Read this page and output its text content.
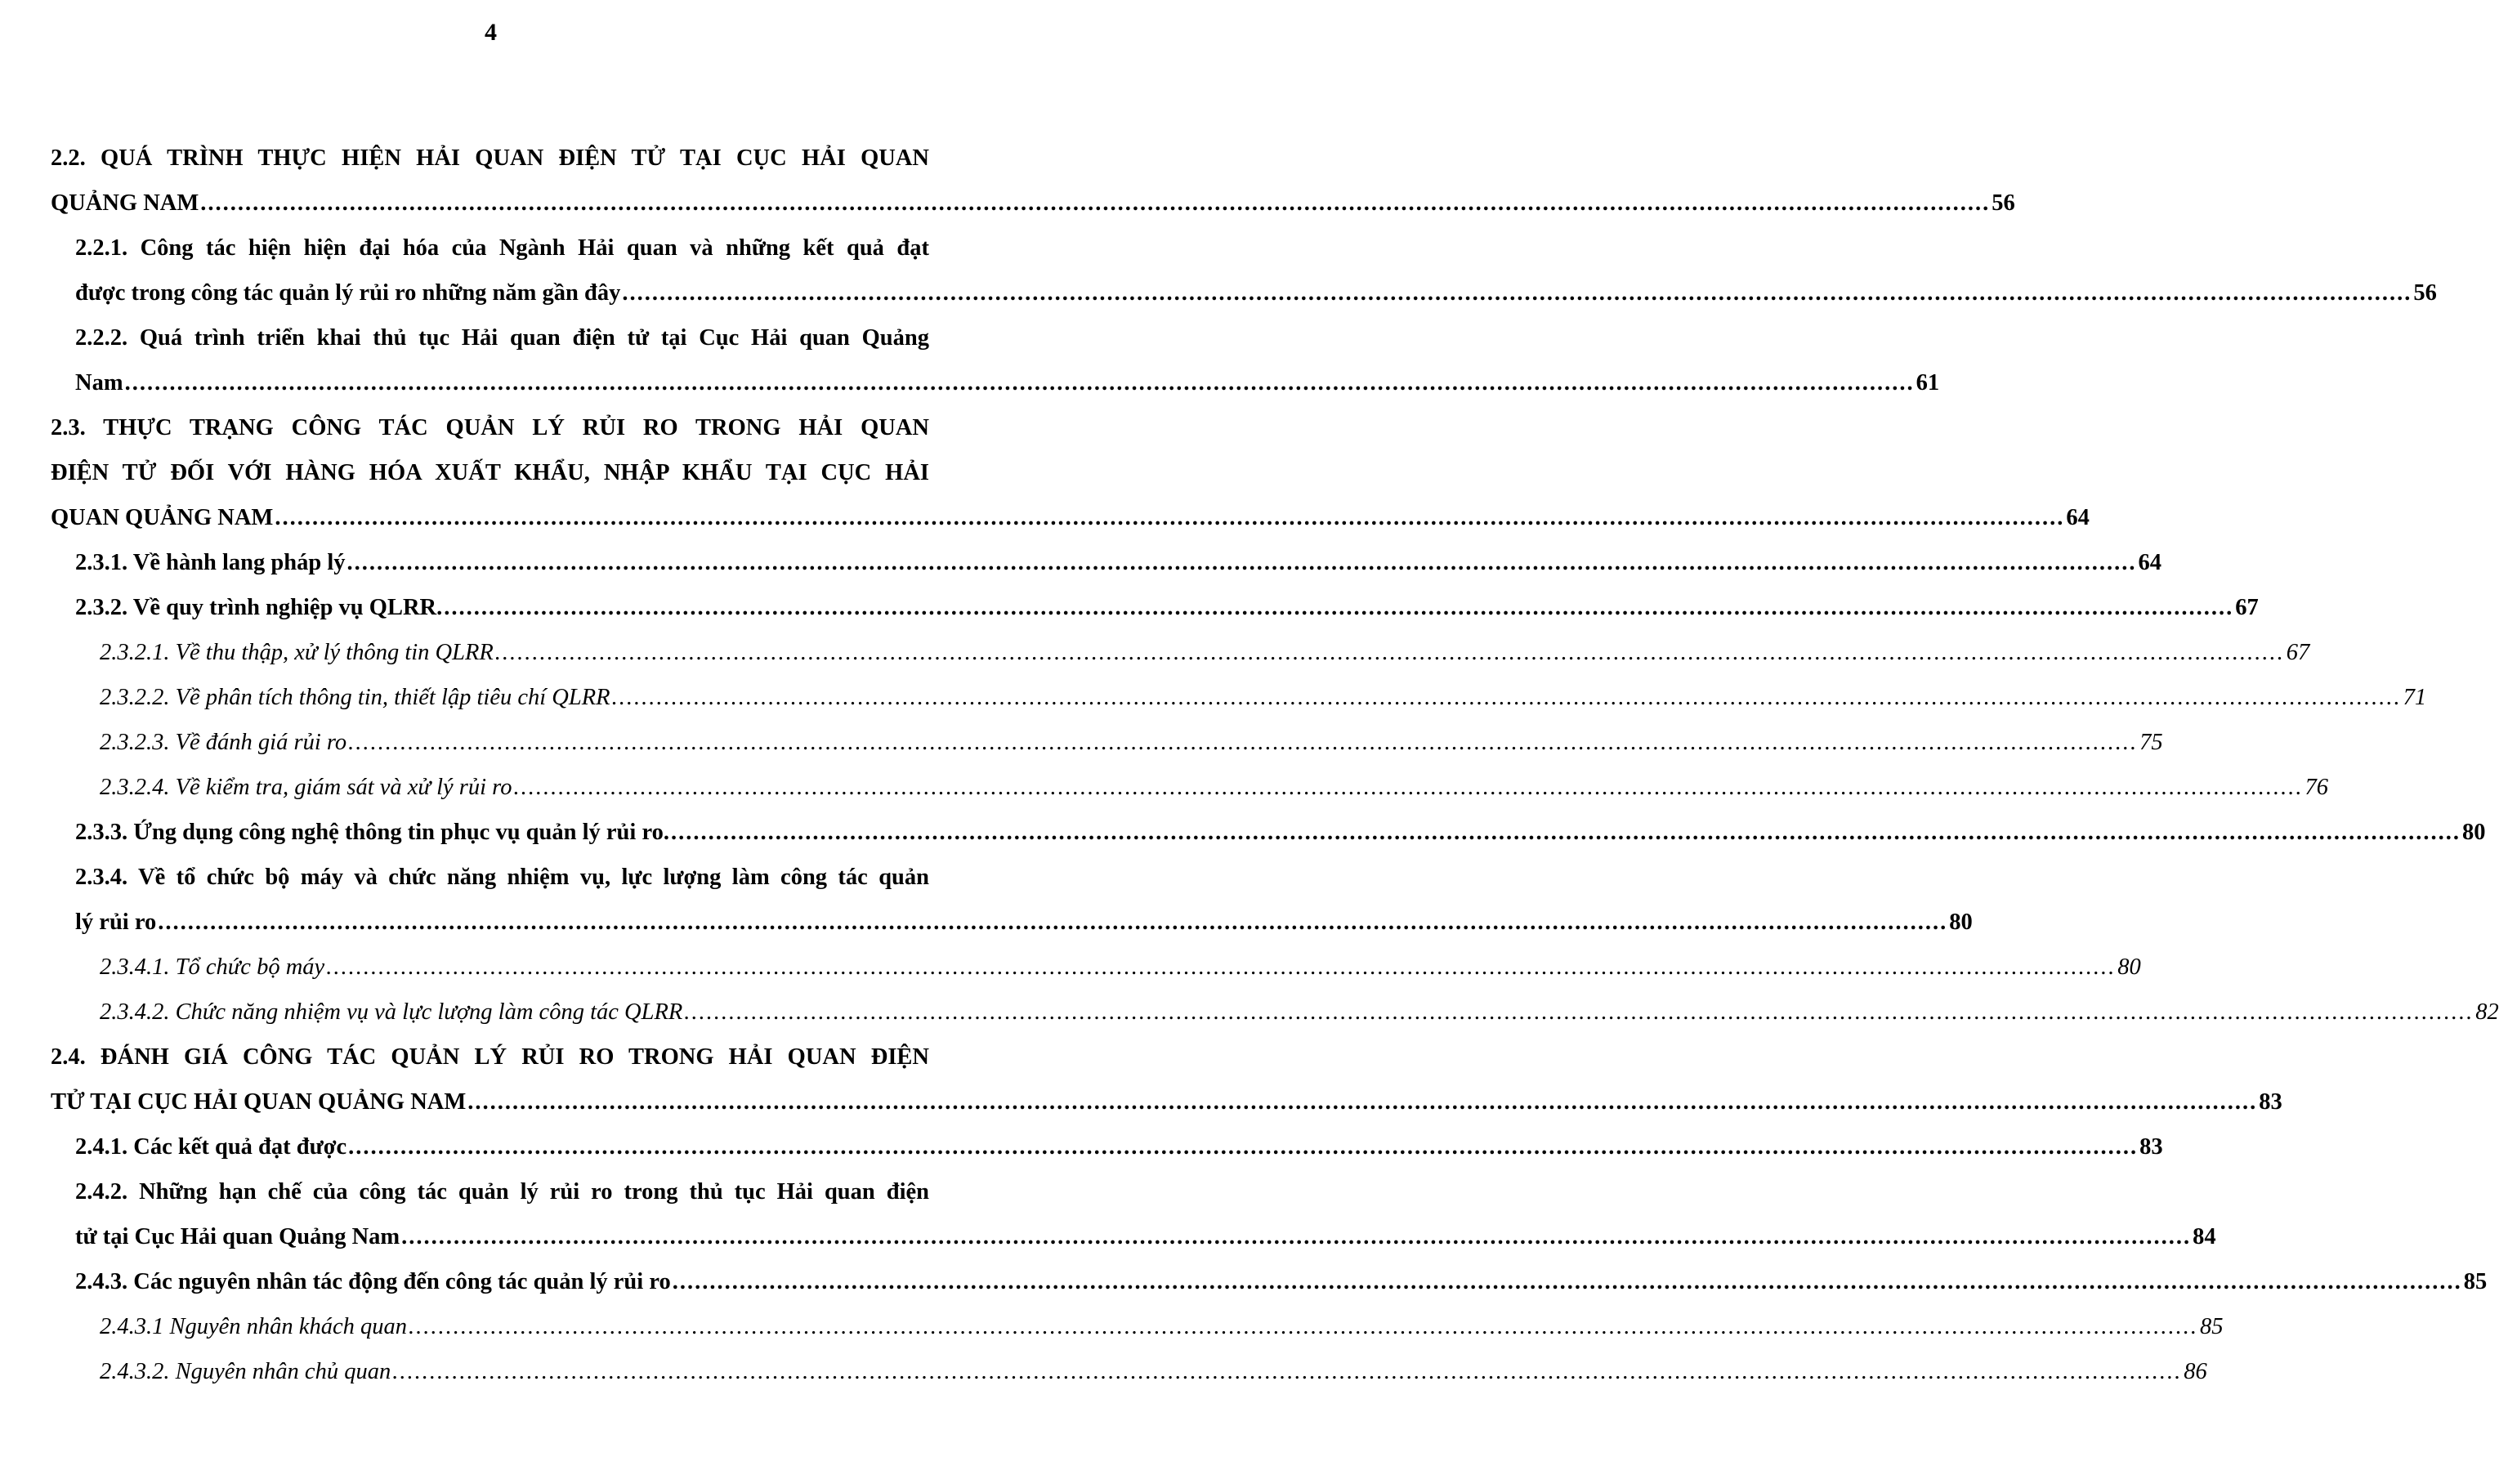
4
2.2. QUÁ TRÌNH THỰC HIỆN HẢI QUAN ĐIỆN TỬ TẠI CỤC HẢI QUAN
QUẢNG NAM .....	56
2.2.1. Công tác hiện hiện đại hóa của Ngành Hải quan và những kết quả đạt
được trong công tác quản lý rủi ro những năm gần đây .....	56
2.2.2. Quá trình triển khai thủ tục Hải quan điện tử tại Cục Hải quan Quảng
Nam .....	61
2.3. THỰC TRẠNG CÔNG TÁC QUẢN LÝ RỦI RO TRONG HẢI QUAN
ĐIỆN TỬ ĐỐI VỚI HÀNG HÓA XUẤT KHẨU, NHẬP KHẨU TẠI CỤC HẢI
QUAN QUẢNG NAM .....	64
2.3.1. Về hành lang pháp lý .....	64
2.3.2. Về quy trình nghiệp vụ QLRR. .....	67
2.3.2.1. Về thu thập, xử lý thông tin QLRR .....	67
2.3.2.2. Về phân tích thông tin, thiết lập tiêu chí QLRR .....	71
2.3.2.3. Về đánh giá rủi ro .....	75
2.3.2.4. Về kiểm tra, giám sát và xử lý rủi ro .....	76
2.3.3. Ứng dụng công nghệ thông tin phục vụ quản lý rủi ro. .....	80
2.3.4. Về tổ chức bộ máy và chức năng nhiệm vụ, lực lượng làm công tác quản
lý rủi ro .....	80
2.3.4.1. Tổ chức bộ máy .....	80
2.3.4.2. Chức năng nhiệm vụ và lực lượng làm công tác QLRR .....	82
2.4. ĐÁNH GIÁ CÔNG TÁC QUẢN LÝ RỦI RO TRONG HẢI QUAN ĐIỆN
TỬ TẠI CỤC HẢI QUAN QUẢNG NAM .....	83
2.4.1. Các kết quả đạt được .....	83
2.4.2. Những hạn chế của công tác quản lý rủi ro trong thủ tục Hải quan điện
tử tại Cục Hải quan Quảng Nam .....	84
2.4.3. Các nguyên nhân tác động đến công tác quản lý rủi ro .....	85
2.4.3.1 Nguyên nhân khách quan .....	85
2.4.3.2. Nguyên nhân chủ quan .....	86
